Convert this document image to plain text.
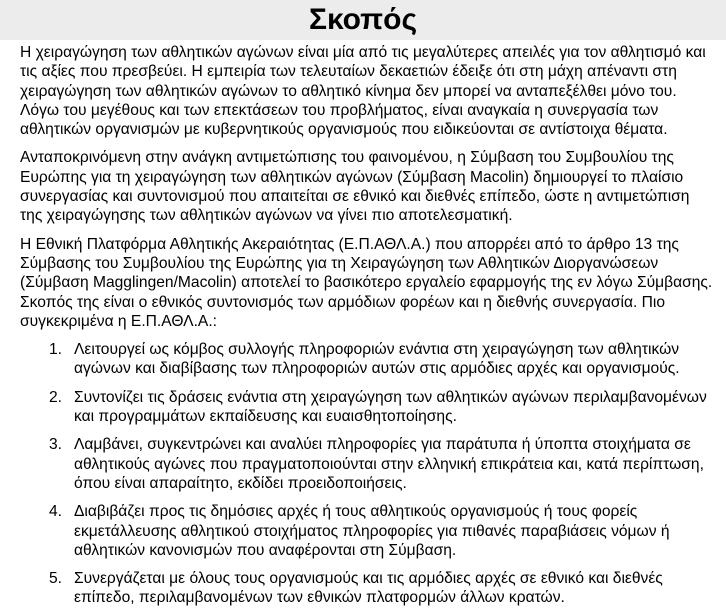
Σκοπός

Η χειραγώγηση των αθλητικών αγώνων είναι μία από τις μεγαλύτερες απειλές για τον αθλητισμό και τις αξίες που πρεσβεύει. Η εμπειρία των τελευταίων δεκαετιών έδειξε ότι στη μάχη απέναντι στη χειραγώγηση των αθλητικών αγώνων το αθλητικό κίνημα δεν μπορεί να ανταπεξέλθει μόνο του. Λόγω του μεγέθους και των επεκτάσεων του προβλήματος, είναι αναγκαία η συνεργασία των αθλητικών οργανισμών με κυβερνητικούς οργανισμούς που ειδικεύονται σε αντίστοιχα θέματα.

Ανταποκρινόμενη στην ανάγκη αντιμετώπισης του φαινομένου, η Σύμβαση του Συμβουλίου της Ευρώπης για τη χειραγώγηση των αθλητικών αγώνων (Σύμβαση Macolin) δημιουργεί το πλαίσιο συνεργασίας και συντονισμού που απαιτείται σε εθνικό και διεθνές επίπεδο, ώστε η αντιμετώπιση της χειραγώγησης των αθλητικών αγώνων να γίνει πιο αποτελεσματική.

Η Εθνική Πλατφόρμα Αθλητικής Ακεραιότητας (Ε.Π.ΑΘΛ.Α.) που απορρέει από το άρθρο 13 της Σύμβασης του Συμβουλίου της Ευρώπης για τη Χειραγώγηση των Αθλητικών Διοργανώσεων (Σύμβαση Magglingen/Macolin) αποτελεί το βασικότερο εργαλείο εφαρμογής της εν λόγω Σύμβασης. Σκοπός της είναι ο εθνικός συντονισμός των αρμόδιων φορέων και η διεθνής συνεργασία. Πιο συγκεκριμένα η Ε.Π.ΑΘΛ.Α.:

1. Λειτουργεί ως κόμβος συλλογής πληροφοριών ενάντια στη χειραγώγηση των αθλητικών αγώνων και διαβίβασης των πληροφοριών αυτών στις αρμόδιες αρχές και οργανισμούς.
2. Συντονίζει τις δράσεις ενάντια στη χειραγώγηση των αθλητικών αγώνων περιλαμβανομένων και προγραμμάτων εκπαίδευσης και ευαισθητοποίησης.
3. Λαμβάνει, συγκεντρώνει και αναλύει πληροφορίες για παράτυπα ή ύποπτα στοιχήματα σε αθλητικούς αγώνες που πραγματοποιούνται στην ελληνική επικράτεια και, κατά περίπτωση, όπου είναι απαραίτητο, εκδίδει προειδοποιήσεις.
4. Διαβιβάζει προς τις δημόσιες αρχές ή τους αθλητικούς οργανισμούς ή τους φορείς εκμετάλλευσης αθλητικού στοιχήματος πληροφορίες για πιθανές παραβιάσεις νόμων ή αθλητικών κανονισμών που αναφέρονται στη Σύμβαση.
5. Συνεργάζεται με όλους τους οργανισμούς και τις αρμόδιες αρχές σε εθνικό και διεθνές επίπεδο, περιλαμβανομένων των εθνικών πλατφορμών άλλων κρατών.
